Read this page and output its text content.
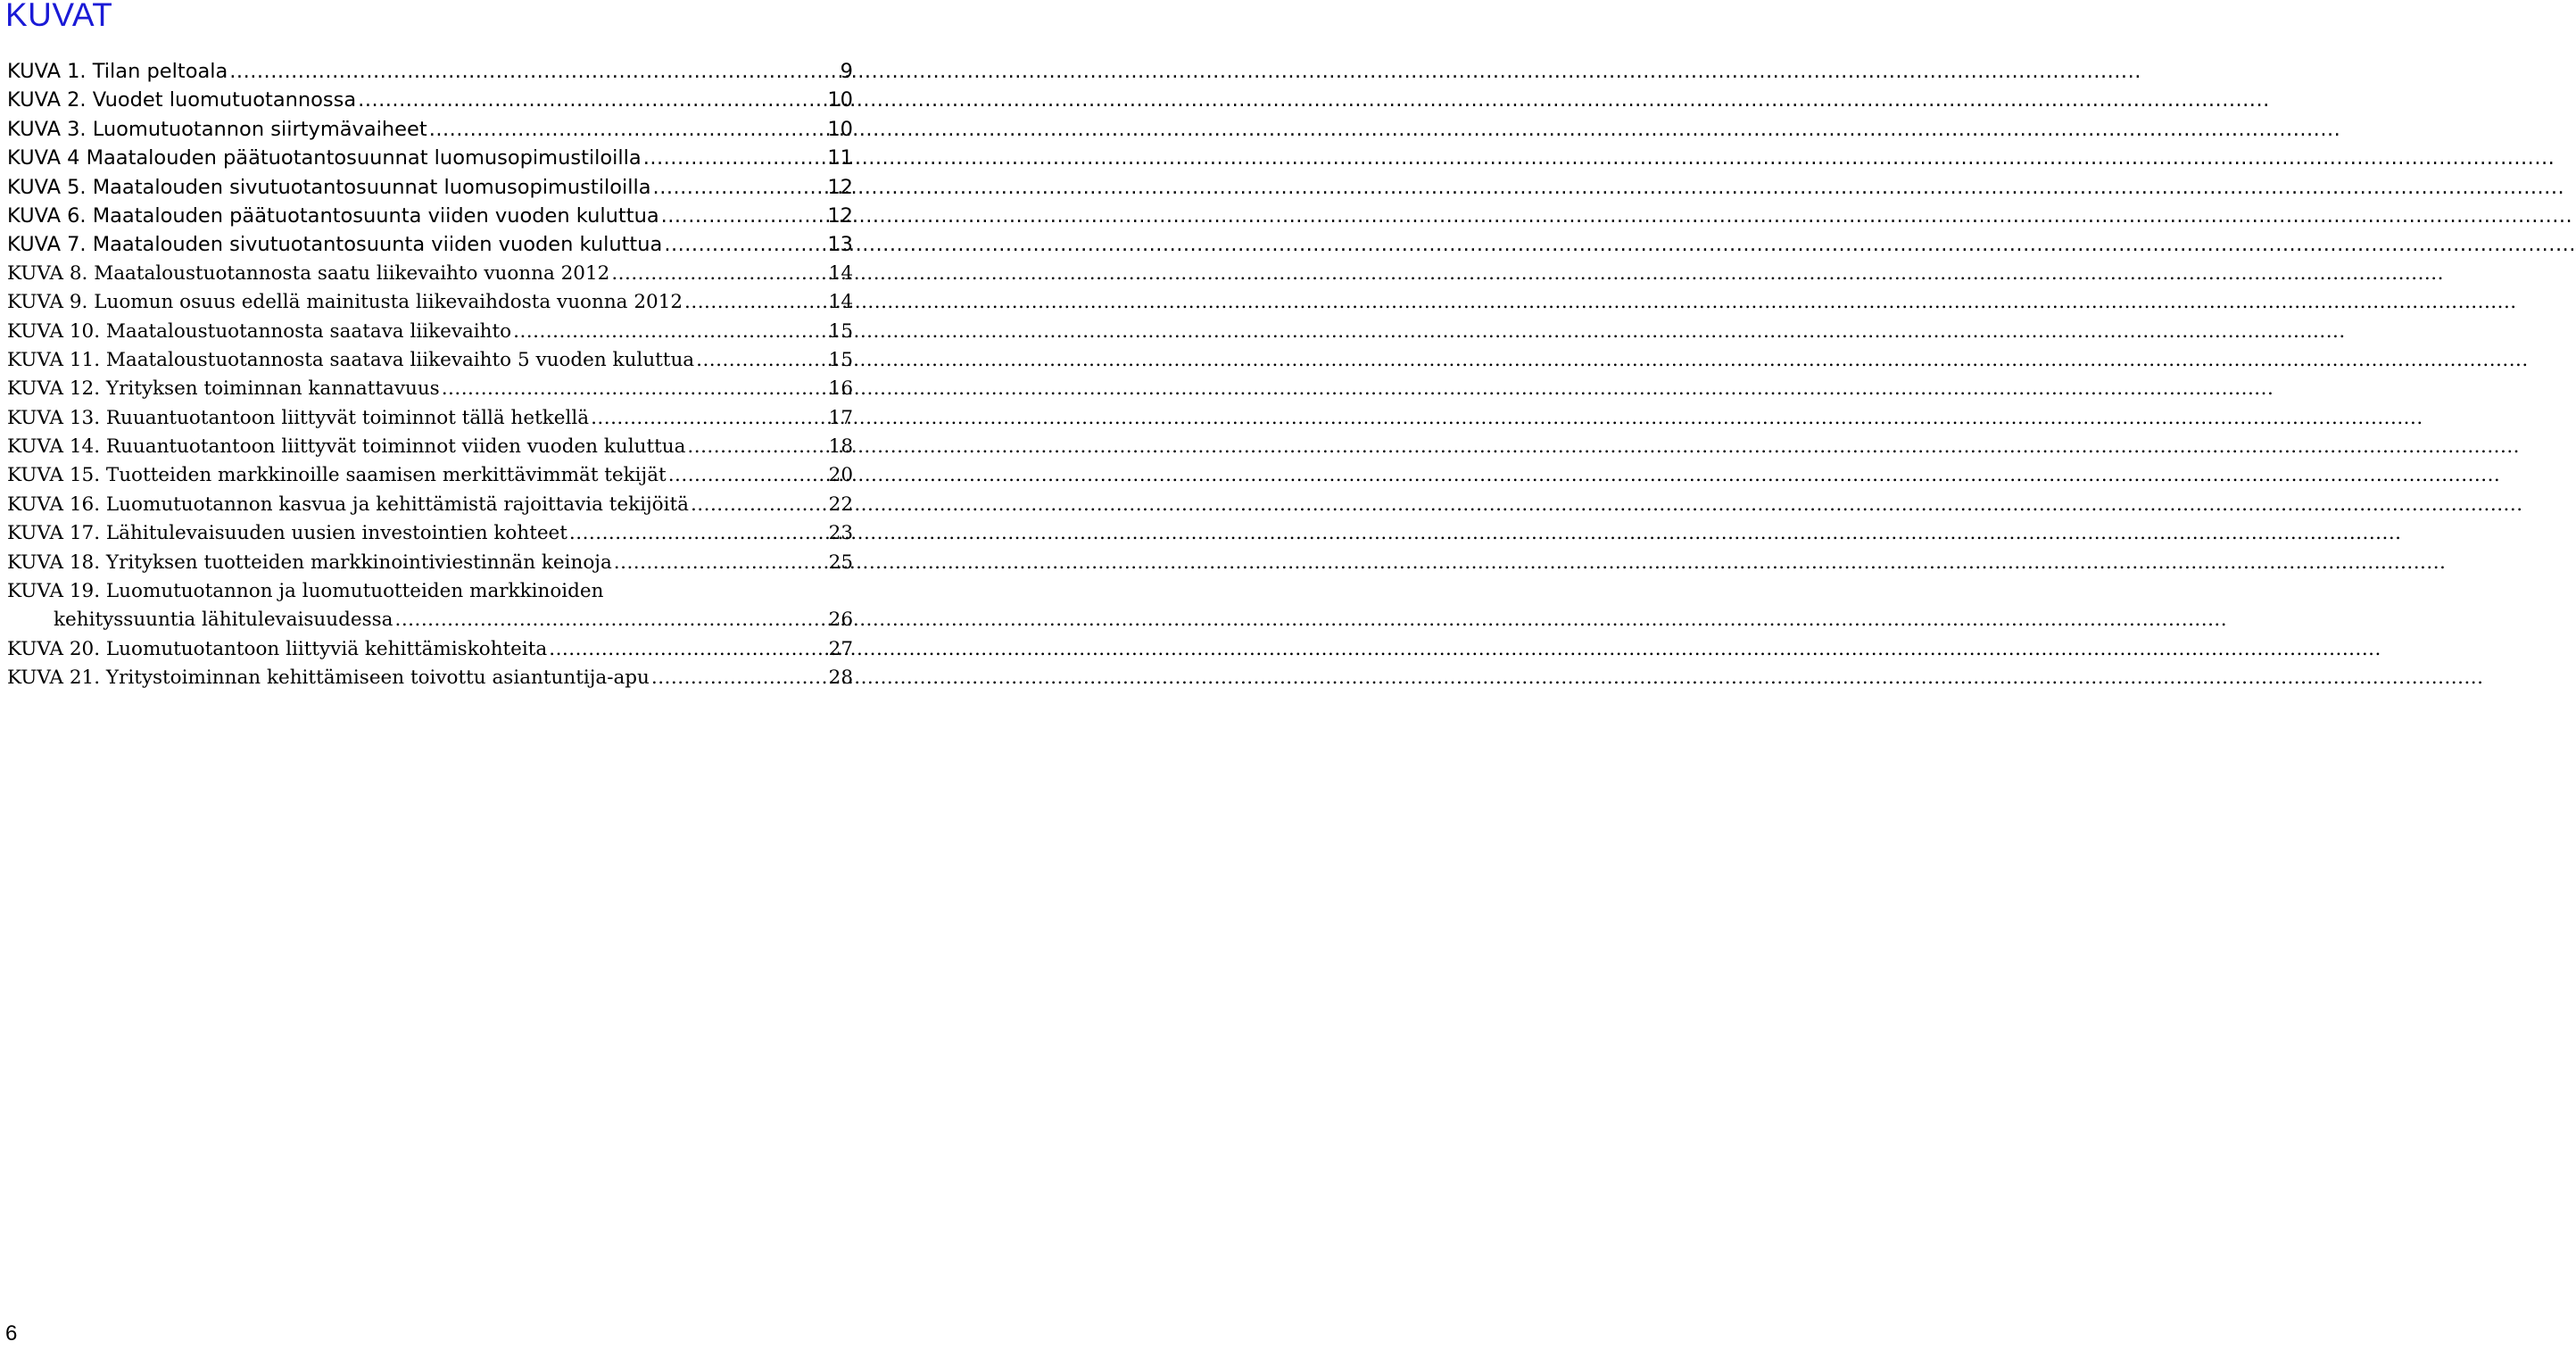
KUVAT
KUVA 1. Tilan peltoala .....	9
KUVA 2. Vuodet luomutuotannossa .....	10
KUVA 3. Luomutuotannon siirtymävaiheet .....	10
KUVA 4 Maatalouden päätuotantosuunnat luomusopimustiloilla .....	11
KUVA 5. Maatalouden sivutuotantosuunnat luomusopimustiloilla .....	12
KUVA 6. Maatalouden päätuotantosuunta viiden vuoden kuluttua .....	12
KUVA 7. Maatalouden sivutuotantosuunta viiden vuoden kuluttua .....	13
KUVA 8. Maataloustuotannosta saatu liikevaihto vuonna 2012 .....	14
KUVA 9. Luomun osuus edellä mainitusta liikevaihdosta vuonna 2012 .....	14
KUVA 10. Maataloustuotannosta saatava liikevaihto .....	15
KUVA 11. Maataloustuotannosta saatava liikevaihto 5 vuoden kuluttua .....	15
KUVA 12. Yrityksen toiminnan kannattavuus .....	16
KUVA 13. Ruuantuotantoon liittyvät toiminnot tällä hetkellä .....	17
KUVA 14. Ruuantuotantoon liittyvät toiminnot viiden vuoden kuluttua .....	18
KUVA 15. Tuotteiden markkinoille saamisen merkittävimmät tekijät .....	20
KUVA 16. Luomutuotannon kasvua ja kehittämistä rajoittavia tekijöitä .....	22
KUVA 17. Lähitulevaisuuden uusien investointien kohteet .....	23
KUVA 18. Yrityksen tuotteiden markkinointiviestinnän keinoja .....	25
KUVA 19. Luomutuotannon ja luomutuotteiden markkinoiden
kehityssuuntia lähitulevaisuudessa .....	26
KUVA 20. Luomutuotantoon liittyviä kehittämiskohteita .....	27
KUVA 21. Yritystoiminnan kehittämiseen toivottu asiantuntija-apu .....	28
6
